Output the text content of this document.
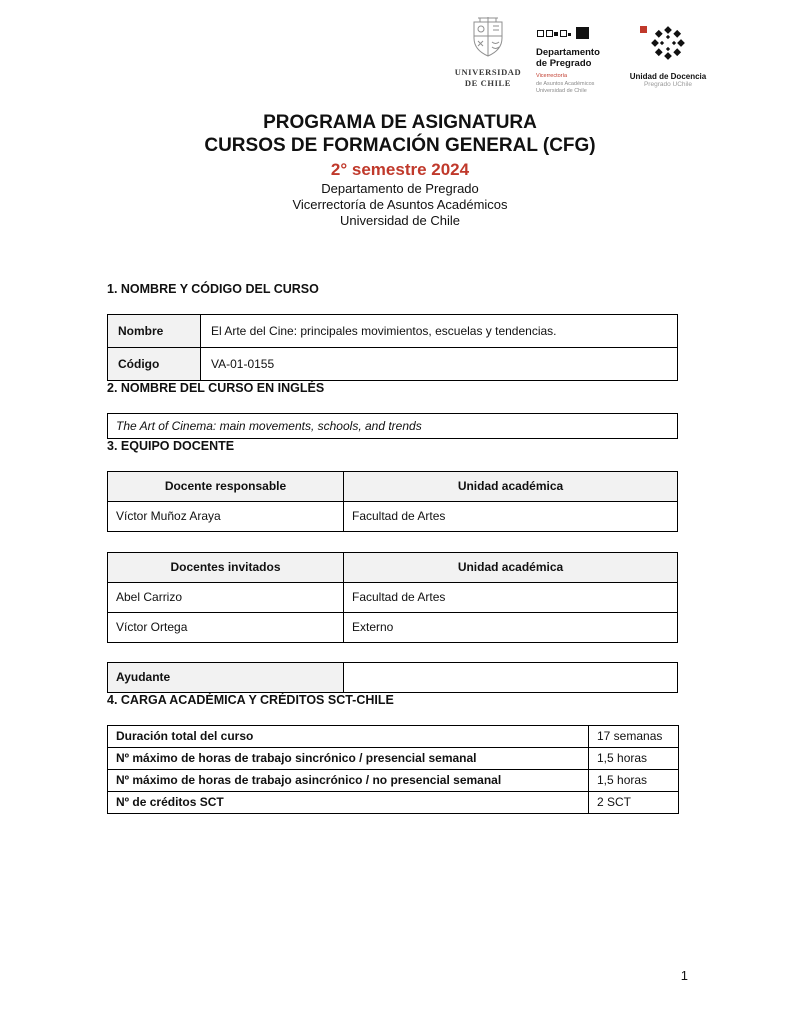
UNIVERSIDAD
DE CHILE
Departamento
de Pregrado
Vicerrectoría
de Asuntos Académicos
Universidad de Chile
Unidad de Docencia
Pregrado UChile
PROGRAMA DE ASIGNATURA
CURSOS DE FORMACIÓN GENERAL (CFG)
2° semestre 2024
Departamento de Pregrado
Vicerrectoría de Asuntos Académicos
Universidad de Chile
1. NOMBRE Y CÓDIGO DEL CURSO
Nombre	El Arte del Cine: principales movimientos, escuelas y tendencias.
Código	VA-01-0155
2. NOMBRE DEL CURSO EN INGLÉS
The Art of Cinema: main movements, schools, and trends
3. EQUIPO DOCENTE
Docente responsable	Unidad académica
Víctor Muñoz Araya	Facultad de Artes
Docentes invitados	Unidad académica
Abel Carrizo	Facultad de Artes
Víctor Ortega	Externo
Ayudante	
4. CARGA ACADÉMICA Y CRÉDITOS SCT-CHILE
Duración total del curso	17 semanas
Nº máximo de horas de trabajo sincrónico / presencial semanal	1,5 horas
Nº máximo de horas de trabajo asincrónico / no presencial semanal	1,5 horas
Nº de créditos SCT	2 SCT
1
